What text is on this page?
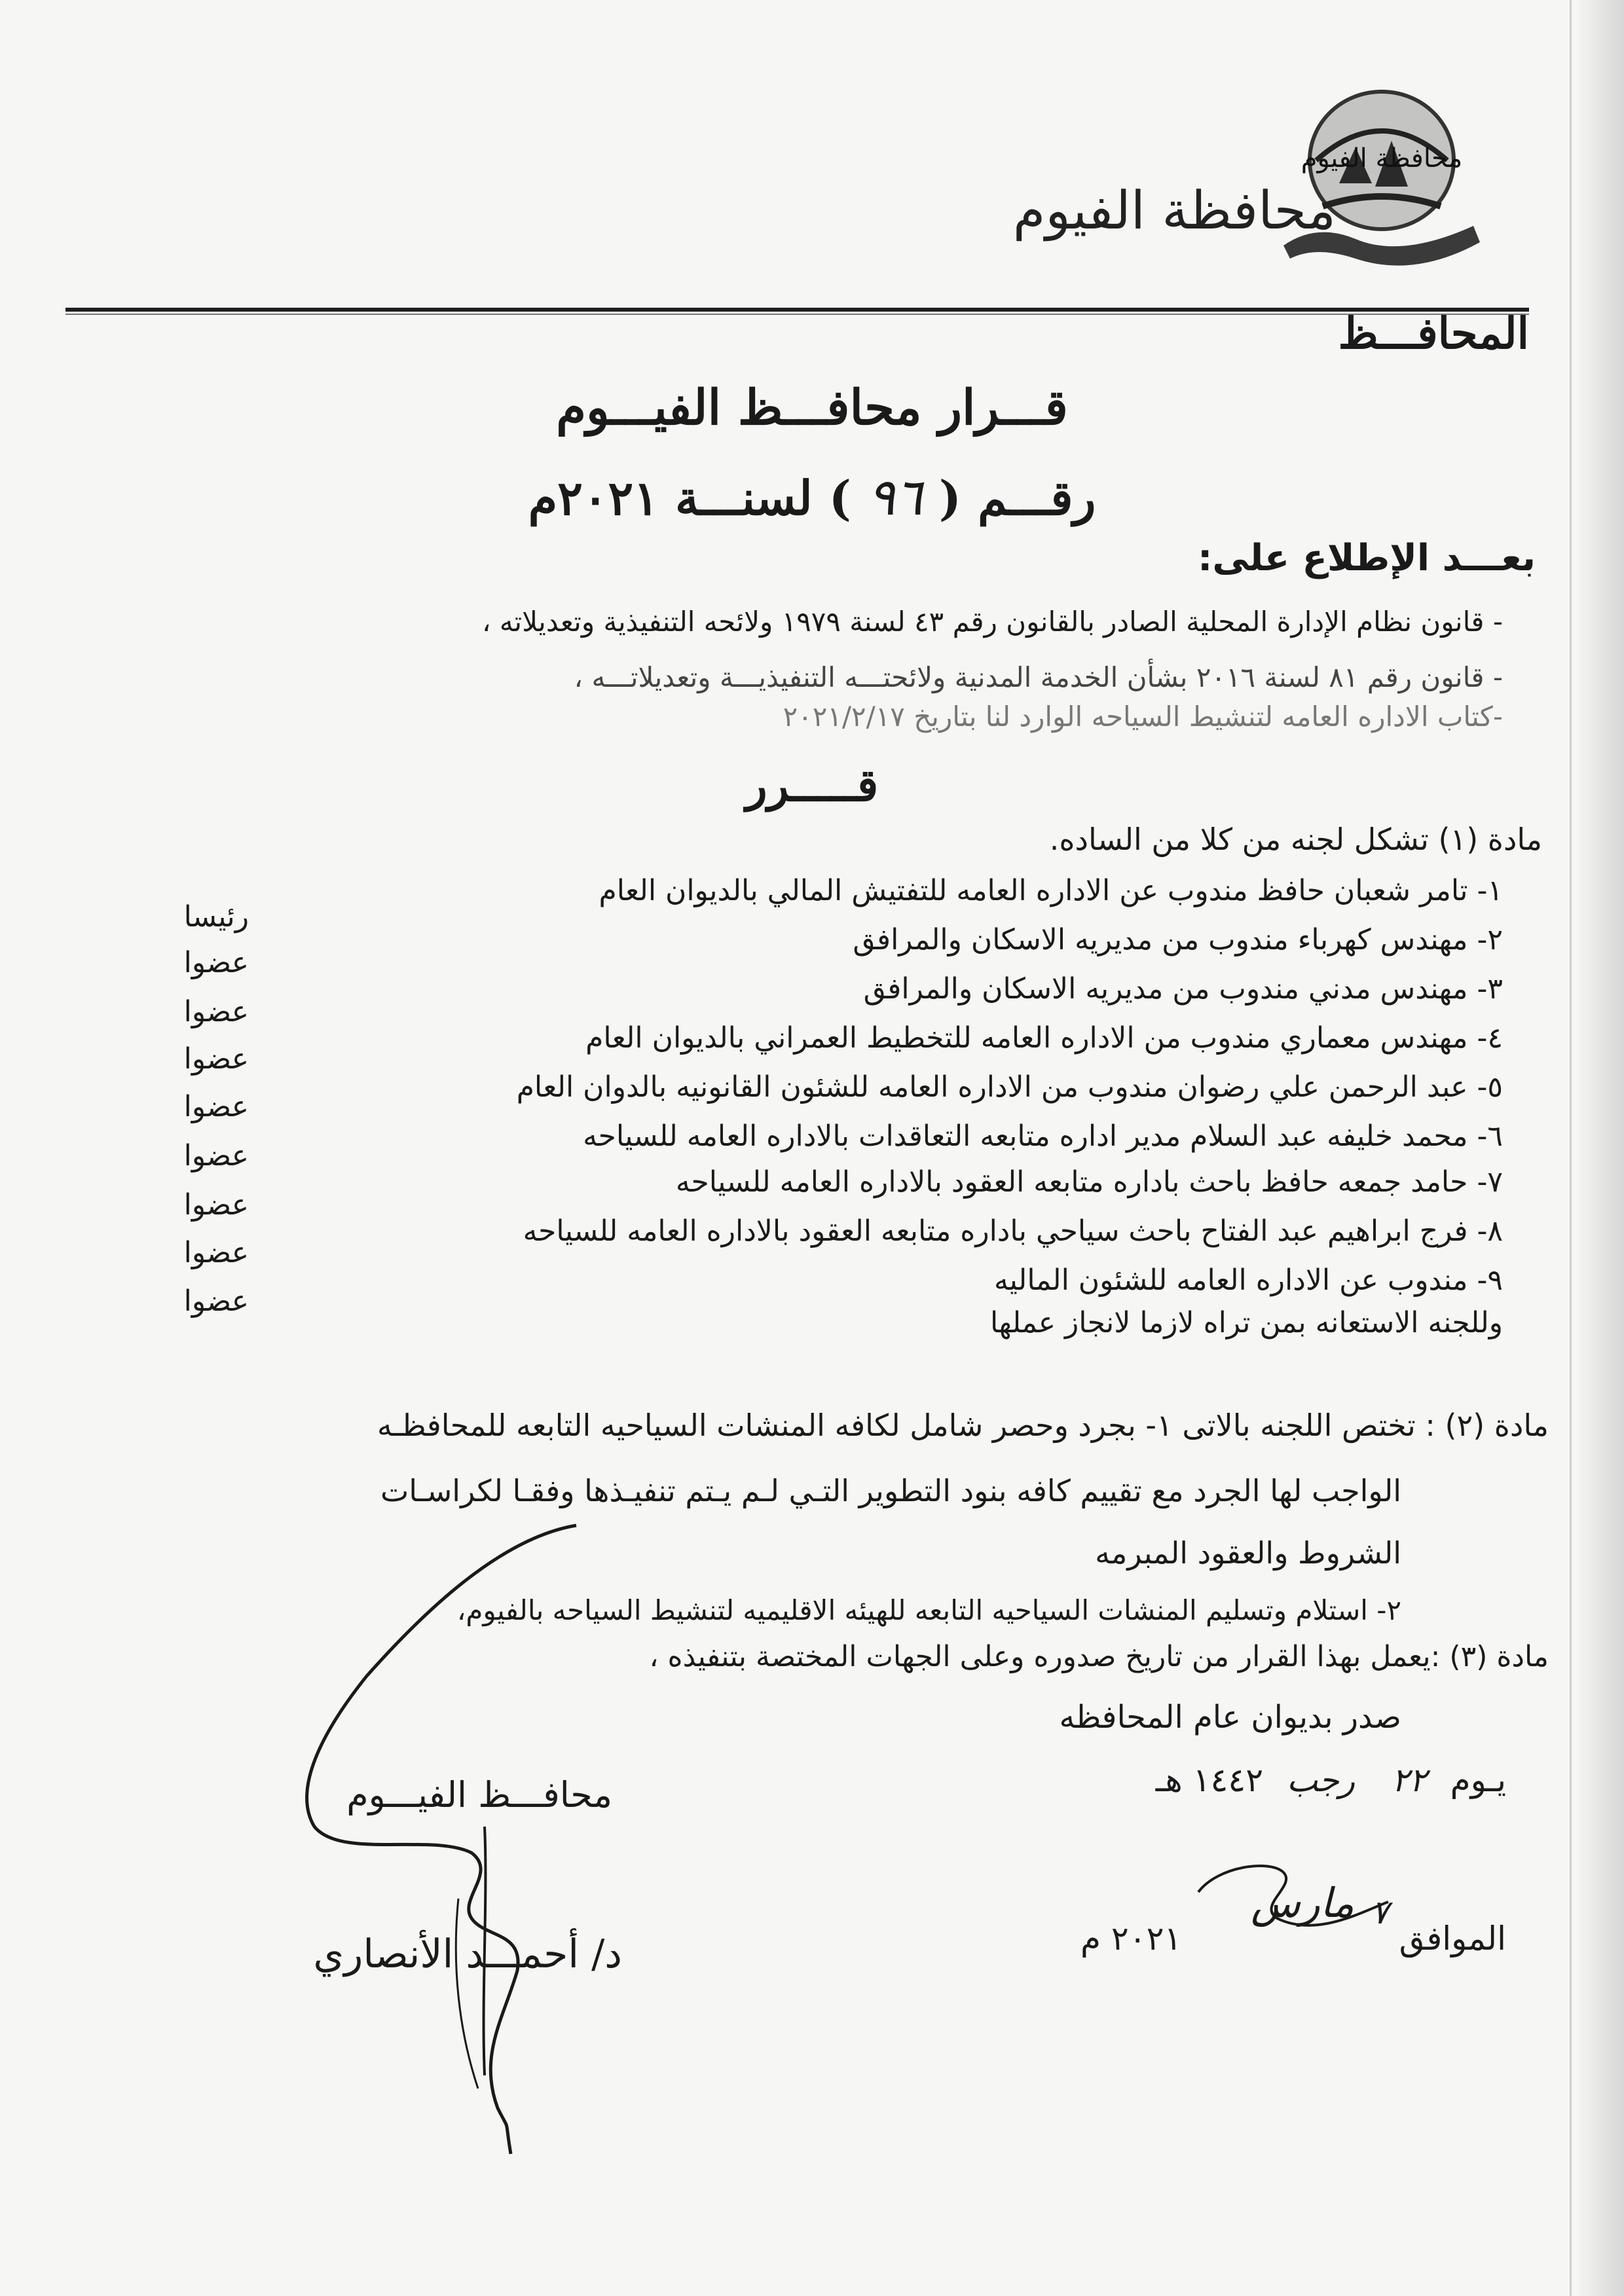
محافظة الفيوم
محافظة الفيوم
المحافـــظ
قـــرار محافـــظ الفيـــوم
رقـــم ( ٩٦ ) لسنـــة ٢٠٢١م
بعـــد الإطلاع على:
- قانون نظام الإدارة المحلية الصادر بالقانون رقم ٤٣ لسنة ١٩٧٩ ولائحه التنفيذية وتعديلاته ،
- قانون رقم ٨١ لسنة ٢٠١٦ بشأن الخدمة المدنية ولائحتـــه التنفيذيـــة وتعديلاتـــه ،
-كتاب الاداره العامه لتنشيط السياحه الوارد لنا بتاريخ ٢٠٢١/٢/١٧
قـــــرر
مادة (١) تشكل لجنه من كلا من الساده.
١- تامر شعبان حافظ مندوب عن الاداره العامه للتفتيش المالي بالديوان العام
رئيسا
٢- مهندس كهرباء مندوب من مديريه الاسكان والمرافق
عضوا
٣- مهندس مدني مندوب من مديريه الاسكان والمرافق
عضوا
٤- مهندس معماري مندوب من الاداره العامه للتخطيط العمراني بالديوان العام
عضوا
٥- عبد الرحمن علي رضوان مندوب من الاداره العامه للشئون القانونيه بالدوان العام
عضوا
٦- محمد خليفه عبد السلام مدير اداره متابعه التعاقدات بالاداره العامه للسياحه
عضوا
٧- حامد جمعه حافظ باحث باداره متابعه العقود بالاداره العامه للسياحه
عضوا
٨- فرج ابراهيم عبد الفتاح باحث سياحي باداره متابعه العقود بالاداره العامه للسياحه
عضوا
٩- مندوب عن الاداره العامه للشئون الماليه
عضوا
وللجنه الاستعانه بمن تراه لازما لانجاز عملها
مادة (٢) : تختص اللجنه بالاتى ١- بجرد وحصر شامل لكافه المنشات السياحيه التابعه للمحافظـه
الواجب لها الجرد مع تقييم كافه بنود التطوير التـي لـم يـتم تنفيـذها وفقـا لكراسـات
الشروط والعقود المبرمه
٢- استلام وتسليم المنشات السياحيه التابعه للهيئه الاقليميه لتنشيط السياحه بالفيوم،
مادة (٣) :يعمل بهذا القرار من تاريخ صدوره وعلى الجهات المختصة بتنفيذه ،
صدر بديوان عام المحافظه
يـوم ٢٢ رجب ١٤٤٢ هـ
الموافق ٧ مارس ٢٠٢١ م
محافـــظ الفيـــوم
د/ أحمـــد الأنصاري
